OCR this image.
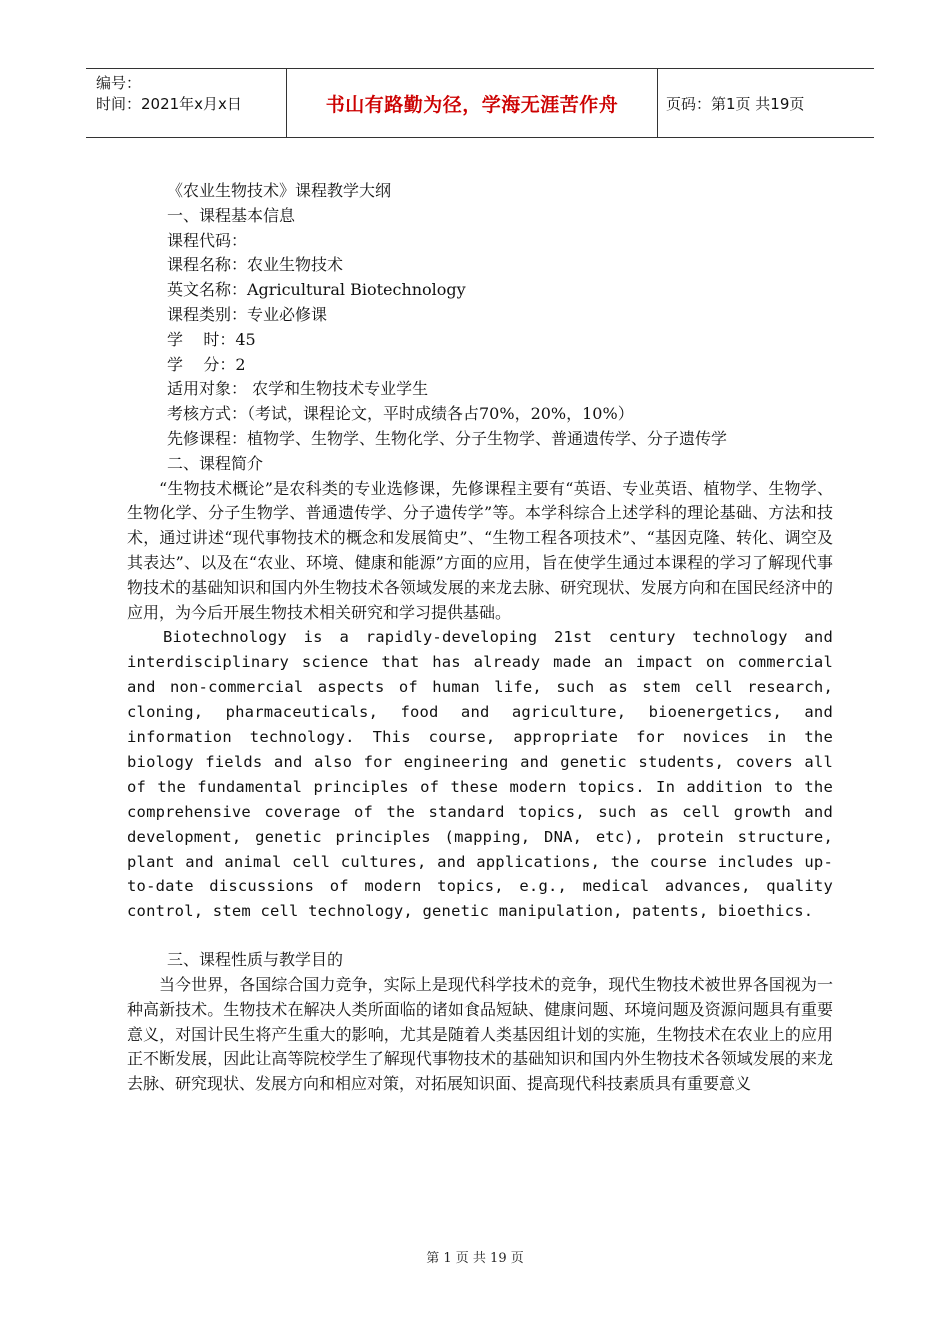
编号：
时间：2021年x月x日	书山有路勤为径，学海无涯苦作舟	页码：第1页 共19页

《农业生物技术》课程教学大纲

一、课程基本信息

课程代码：

课程名称：农业生物技术

英文名称：Agricultural Biotechnology

课程类别：专业必修课

学    时：45

学    分：2

适用对象： 农学和生物技术专业学生

考核方式：（考试，课程论文，平时成绩各占70%，20%，10%）

先修课程：植物学、生物学、生物化学、分子生物学、普通遗传学、分子遗传学

二、课程简介

“生物技术概论”是农科类的专业选修课，先修课程主要有“英语、专业英语、植物学、生物学、生物化学、分子生物学、普通遗传学、分子遗传学”等。本学科综合上述学科的理论基础、方法和技术，通过讲述“现代事物技术的概念和发展简史”、“生物工程各项技术”、“基因克隆、转化、调空及其表达”、以及在“农业、环境、健康和能源”方面的应用，旨在使学生通过本课程的学习了解现代事物技术的基础知识和国内外生物技术各领域发展的来龙去脉、研究现状、发展方向和在国民经济中的应用，为今后开展生物技术相关研究和学习提供基础。

Biotechnology is a rapidly-developing 21st century technology and interdisciplinary science that has already made an impact on commercial and non-commercial aspects of human life, such as stem cell research, cloning, pharmaceuticals, food and agriculture, bioenergetics, and information technology. This course, appropriate for novices in the biology fields and also for engineering and genetic students, covers all of the fundamental principles of these modern topics. In addition to the comprehensive coverage of the standard topics, such as cell growth and development, genetic principles (mapping, DNA, etc), protein structure, plant and animal cell cultures, and applications, the course includes up-to-date discussions of modern topics, e.g., medical advances, quality control, stem cell technology, genetic manipulation, patents, bioethics.

三、课程性质与教学目的

当今世界，各国综合国力竞争，实际上是现代科学技术的竞争，现代生物技术被世界各国视为一种高新技术。生物技术在解决人类所面临的诸如食品短缺、健康问题、环境问题及资源问题具有重要意义，对国计民生将产生重大的影响，尤其是随着人类基因组计划的实施，生物技术在农业上的应用正不断发展，因此让高等院校学生了解现代事物技术的基础知识和国内外生物技术各领域发展的来龙去脉、研究现状、发展方向和相应对策，对拓展知识面、提高现代科技素质具有重要意义

第 1 页 共 19 页
